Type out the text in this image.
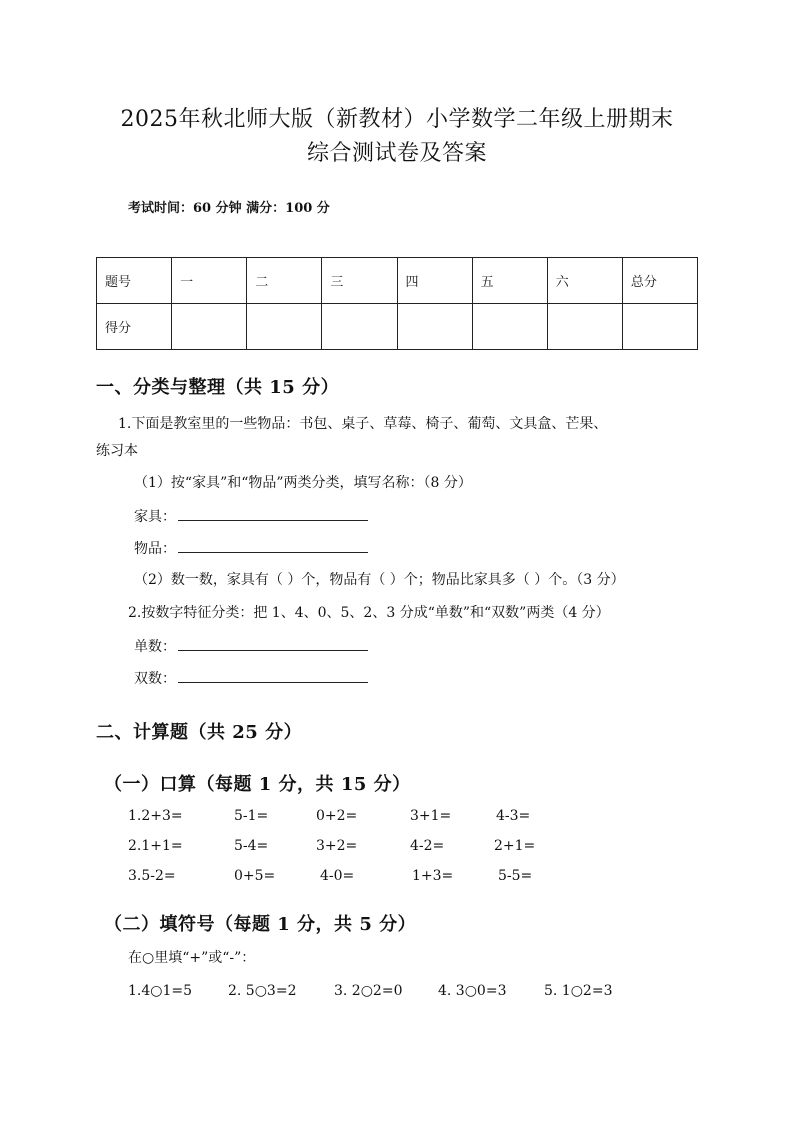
2025年秋北师大版（新教材）小学数学二年级上册期末
综合测试卷及答案
考试时间：60 分钟 满分：100 分
题号	一	二	三	四	五	六	总分
得分							
一、分类与整理（共 15 分）
1.下面是教室里的一些物品：书包、桌子、草莓、椅子、葡萄、文具盒、芒果、
练习本
（1）按“家具”和“物品”两类分类，填写名称：（8 分）
家具：
物品：
（2）数一数，家具有（ ）个，物品有（ ）个；物品比家具多（ ）个。（3 分）
2.按数字特征分类：把 1、4、0、5、2、3 分成“单数”和“双数”两类（4 分）
单数：
双数：
二、计算题（共 25 分）
（一）口算（每题 1 分，共 15 分）
1.2+3=	5-1=	0+2=	3+1=	4-3=
2.1+1=	5-4=	3+2=	4-2=	2+1=
3.5-2=	0+5=	4-0=	1+3=	5-5=
（二）填符号（每题 1 分，共 5 分）
在○里填“+”或“-”：
1.4○1=5	2. 5○3=2	3. 2○2=0	4. 3○0=3	5. 1○2=3
